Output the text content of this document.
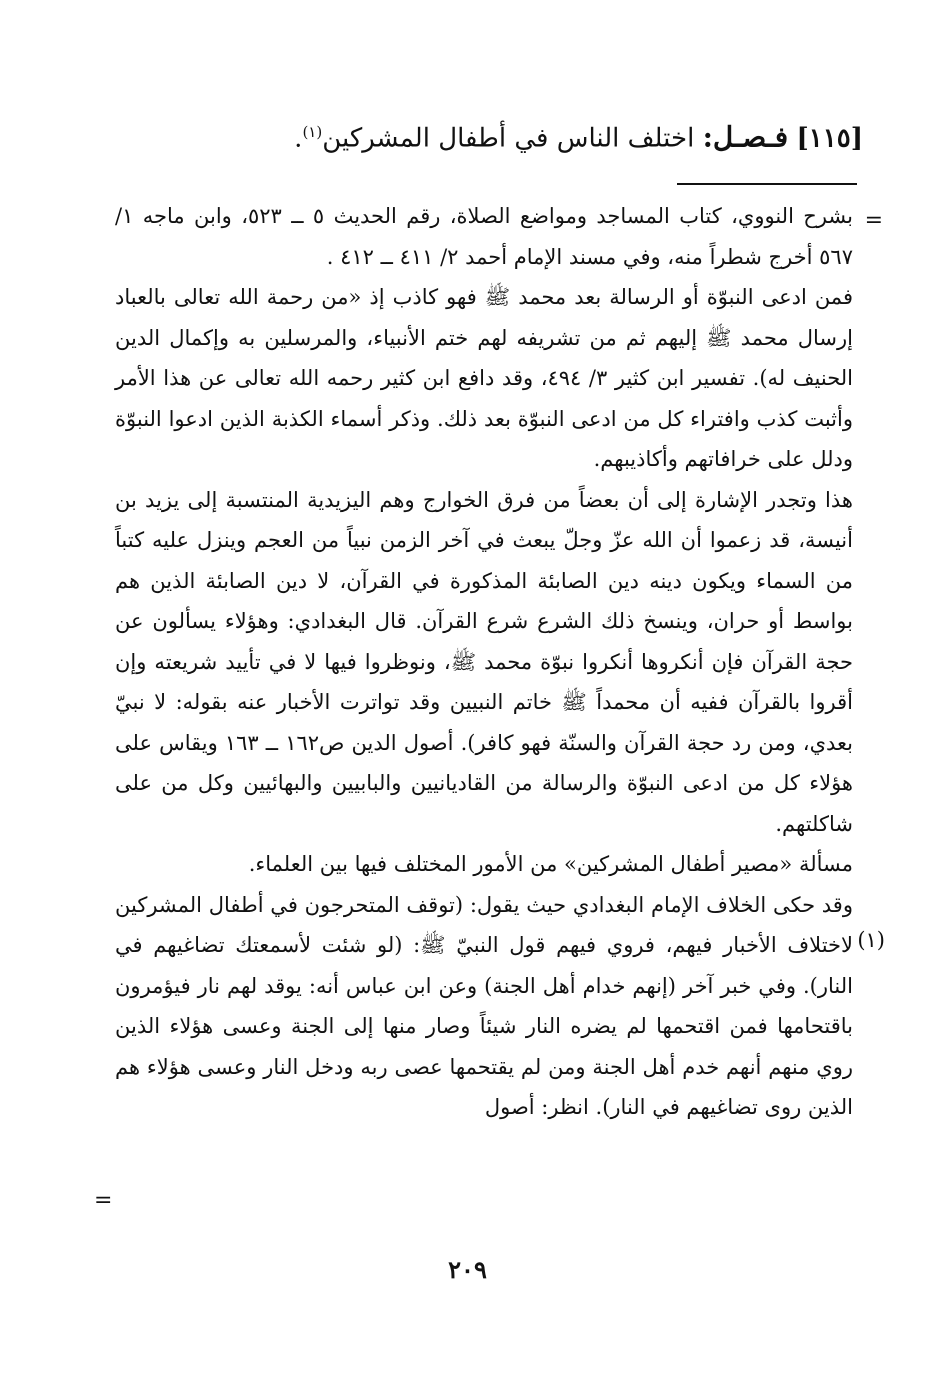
[١١٥] فـصـل: اختلف الناس في أطفال المشركين$^{(١)}$.
=

بشرح النووي، كتاب المساجد ومواضع الصلاة، رقم الحديث ٥ ــ ٥٢٣، وابن ماجه ١/ ٥٦٧ أخرج شطراً منه، وفي مسند الإمام أحمد ٢/ ٤١١ ــ ٤١٢ .

فمن ادعى النبوّة أو الرسالة بعد محمد ﷺ فهو كاذب إذ «من رحمة الله تعالى بالعباد إرسال محمد ﷺ إليهم ثم من تشريفه لهم ختم الأنبياء، والمرسلين به وإكمال الدين الحنيف له). تفسير ابن كثير ٣/ ٤٩٤، وقد دافع ابن كثير رحمه الله تعالى عن هذا الأمر وأثبت كذب وافتراء كل من ادعى النبوّة بعد ذلك. وذكر أسماء الكذبة الذين ادعوا النبوّة ودلل على خرافاتهم وأكاذيبهم.

هذا وتجدر الإشارة إلى أن بعضاً من فرق الخوارج وهم اليزيدية المنتسبة إلى يزيد بن أنيسة، قد زعموا أن الله عزّ وجلّ يبعث في آخر الزمن نبياً من العجم وينزل عليه كتباً من السماء ويكون دينه دين الصابئة المذكورة في القرآن، لا دين الصابئة الذين هم بواسط أو حران، وينسخ ذلك الشرع شرع القرآن. قال البغدادي: وهؤلاء يسألون عن حجة القرآن فإن أنكروها أنكروا نبوّة محمد ﷺ، ونوظروا فيها لا في تأييد شريعته وإن أقروا بالقرآن ففيه أن محمداً ﷺ خاتم النبيين وقد تواترت الأخبار عنه بقوله: لا نبيّ بعدي، ومن رد حجة القرآن والسنّة فهو كافر). أصول الدين ص١٦٢ ــ ١٦٣ ويقاس على هؤلاء كل من ادعى النبوّة والرسالة من القاديانيين والبابيين والبهائيين وكل من على شاكلتهم.

مسألة «مصير أطفال المشركين» من الأمور المختلف فيها بين العلماء.

وقد حكى الخلاف الإمام البغدادي حيث يقول: (توقف المتحرجون في أطفال المشركين لاختلاف الأخبار فيهم، فروي فيهم قول النبيّ ﷺ: (لو شئت لأسمعتك تضاغيهم في النار). وفي خبر آخر (إنهم خدام أهل الجنة) وعن ابن عباس أنه: يوقد لهم نار فيؤمرون باقتحامها فمن اقتحمها لم يضره النار شيئاً وصار منها إلى الجنة وعسى هؤلاء الذين روي منهم أنهم خدم أهل الجنة ومن لم يقتحمها عصى ربه ودخل النار وعسى هؤلاء هم الذين روى تضاغيهم في النار). انظر: أصول

(١)
=
٢٠٩
